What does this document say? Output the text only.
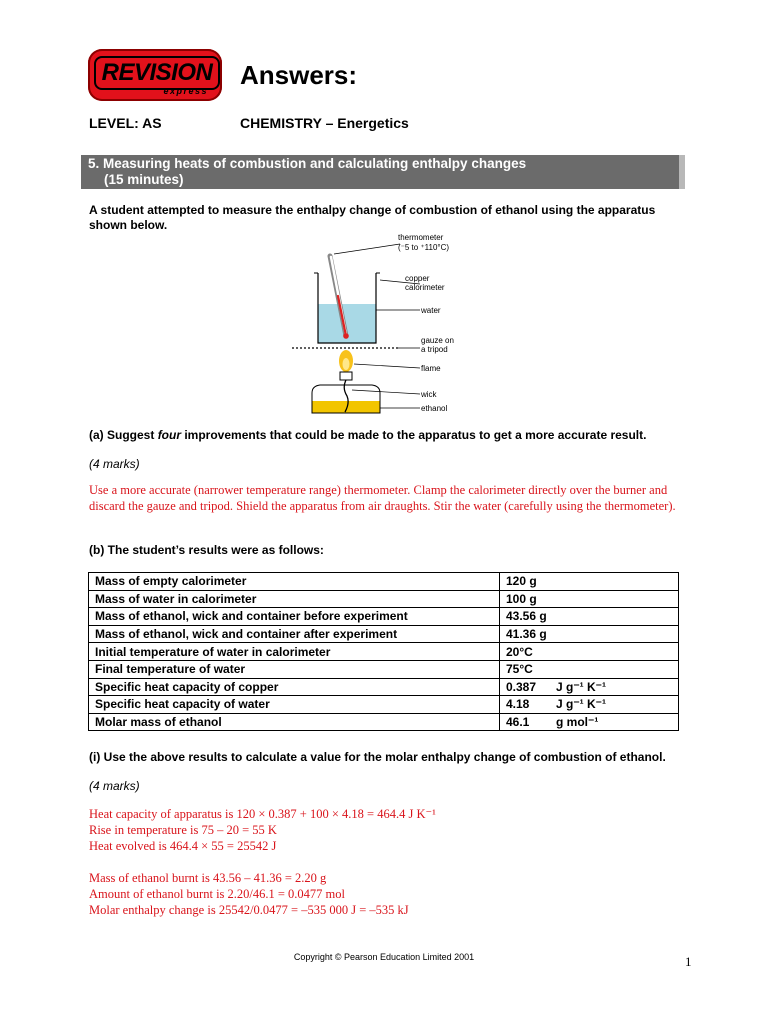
REVISION
express
Answers:
LEVEL: AS	CHEMISTRY – Energetics
5. Measuring heats of combustion and calculating enthalpy changes
(15 minutes)
A student attempted to measure the enthalpy change of combustion of ethanol using the apparatus shown below.
thermometer
(⁻5 to ⁺110°C)
copper
calorimeter
water
gauze on
a tripod
flame
wick
ethanol
(a) Suggest four improvements that could be made to the apparatus to get a more accurate result.
(4 marks)
Use a more accurate (narrower temperature range) thermometer. Clamp the calorimeter directly over the burner and discard the gauze and tripod. Shield the apparatus from air draughts. Stir the water (carefully using the thermometer).
(b) The student’s results were as follows:
Mass of empty calorimeter	120 g
Mass of water in calorimeter	100 g
Mass of ethanol, wick and container before experiment	43.56 g
Mass of ethanol, wick and container after experiment	41.36 g
Initial temperature of water in calorimeter	20°C
Final temperature of water	75°C
Specific heat capacity of copper	0.387 J g⁻¹ K⁻¹
Specific heat capacity of water	4.18 J g⁻¹ K⁻¹
Molar mass of ethanol	46.1 g mol⁻¹
(i) Use the above results to calculate a value for the molar enthalpy change of combustion of ethanol.
(4 marks)
Heat capacity of apparatus is 120 × 0.387 + 100 × 4.18 = 464.4 J K⁻¹
Rise in temperature is 75 – 20 = 55 K
Heat evolved is 464.4 × 55 = 25542 J
Mass of ethanol burnt is 43.56 – 41.36 = 2.20 g
Amount of ethanol burnt is 2.20/46.1 = 0.0477 mol
Molar enthalpy change is 25542/0.0477 = –535 000 J = –535 kJ
Copyright © Pearson Education Limited 2001	1
